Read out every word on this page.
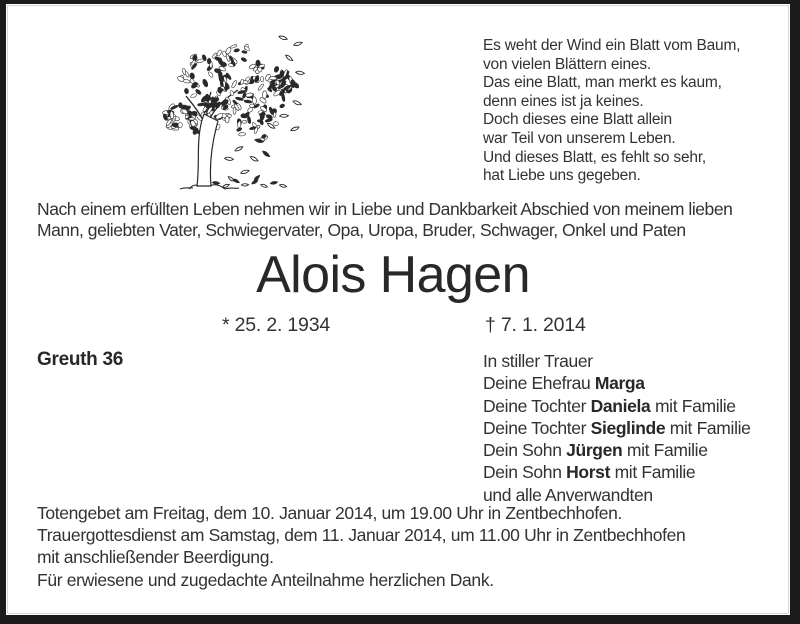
Es weht der Wind ein Blatt vom Baum,
von vielen Blättern eines.
Das eine Blatt, man merkt es kaum,
denn eines ist ja keines.
Doch dieses eine Blatt allein
war Teil von unserem Leben.
Und dieses Blatt, es fehlt so sehr,
hat Liebe uns gegeben.
Nach einem erfüllten Leben nehmen wir in Liebe und Dankbarkeit Abschied von meinem lieben
Mann, geliebten Vater, Schwiegervater, Opa, Uropa, Bruder, Schwager, Onkel und Paten
Alois Hagen
* 25. 2. 1934	† 7. 1. 2014
Greuth 36	In stiller Trauer
Deine Ehefrau Marga
Deine Tochter Daniela mit Familie
Deine Tochter Sieglinde mit Familie
Dein Sohn Jürgen mit Familie
Dein Sohn Horst mit Familie
und alle Anverwandten
Totengebet am Freitag, dem 10. Januar 2014, um 19.00 Uhr in Zentbechhofen.
Trauergottesdienst am Samstag, dem 11. Januar 2014, um 11.00 Uhr in Zentbechhofen
mit anschließender Beerdigung.
Für erwiesene und zugedachte Anteilnahme herzlichen Dank.
